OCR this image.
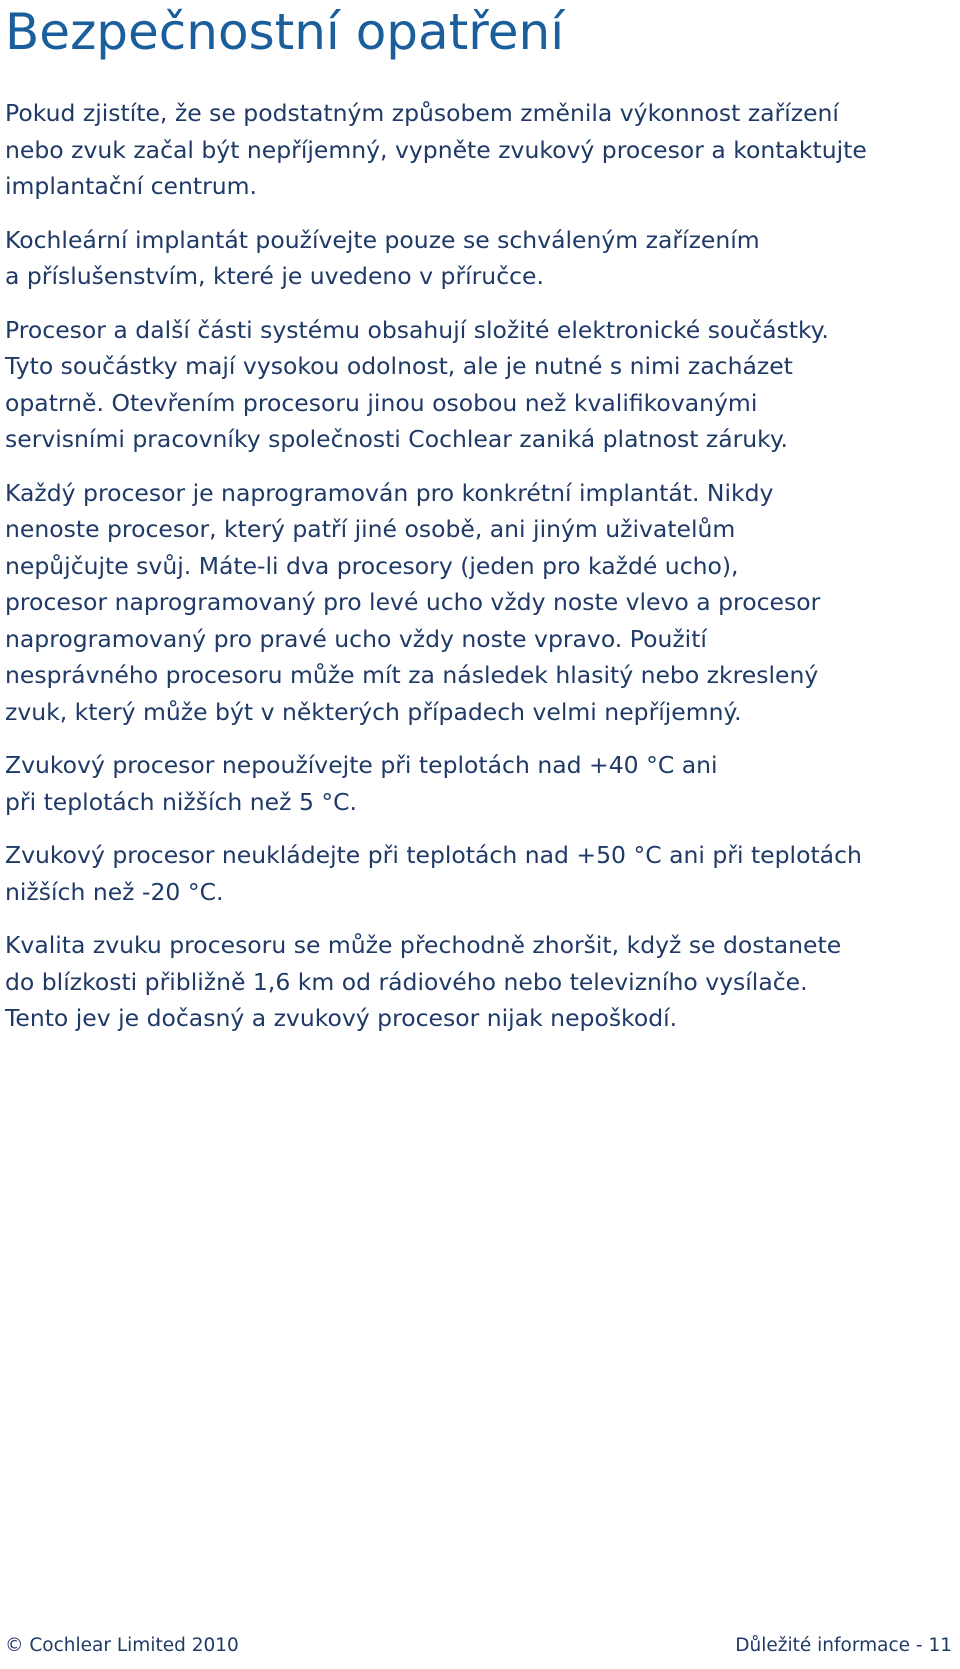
Bezpečnostní opatření

Pokud zjistíte, že se podstatným způsobem změnila výkonnost zařízení
nebo zvuk začal být nepříjemný, vypněte zvukový procesor a kontaktujte
implantační centrum.

Kochleární implantát používejte pouze se schváleným zařízením
a příslušenstvím, které je uvedeno v příručce.

Procesor a další části systému obsahují složité elektronické součástky.
Tyto součástky mají vysokou odolnost, ale je nutné s nimi zacházet
opatrně. Otevřením procesoru jinou osobou než kvalifikovanými
servisními pracovníky společnosti Cochlear zaniká platnost záruky.

Každý procesor je naprogramován pro konkrétní implantát. Nikdy
nenoste procesor, který patří jiné osobě, ani jiným uživatelům
nepůjčujte svůj. Máte-li dva procesory (jeden pro každé ucho),
procesor naprogramovaný pro levé ucho vždy noste vlevo a procesor
naprogramovaný pro pravé ucho vždy noste vpravo. Použití
nesprávného procesoru může mít za následek hlasitý nebo zkreslený
zvuk, který může být v některých případech velmi nepříjemný.

Zvukový procesor nepoužívejte při teplotách nad +40 °C ani
při teplotách nižších než 5 °C.

Zvukový procesor neukládejte při teplotách nad +50 °C ani při teplotách
nižších než -20 °C.

Kvalita zvuku procesoru se může přechodně zhoršit, když se dostanete
do blízkosti přibližně 1,6 km od rádiového nebo televizního vysílače.
Tento jev je dočasný a zvukový procesor nijak nepoškodí.

© Cochlear Limited 2010	Důležité informace - 11
